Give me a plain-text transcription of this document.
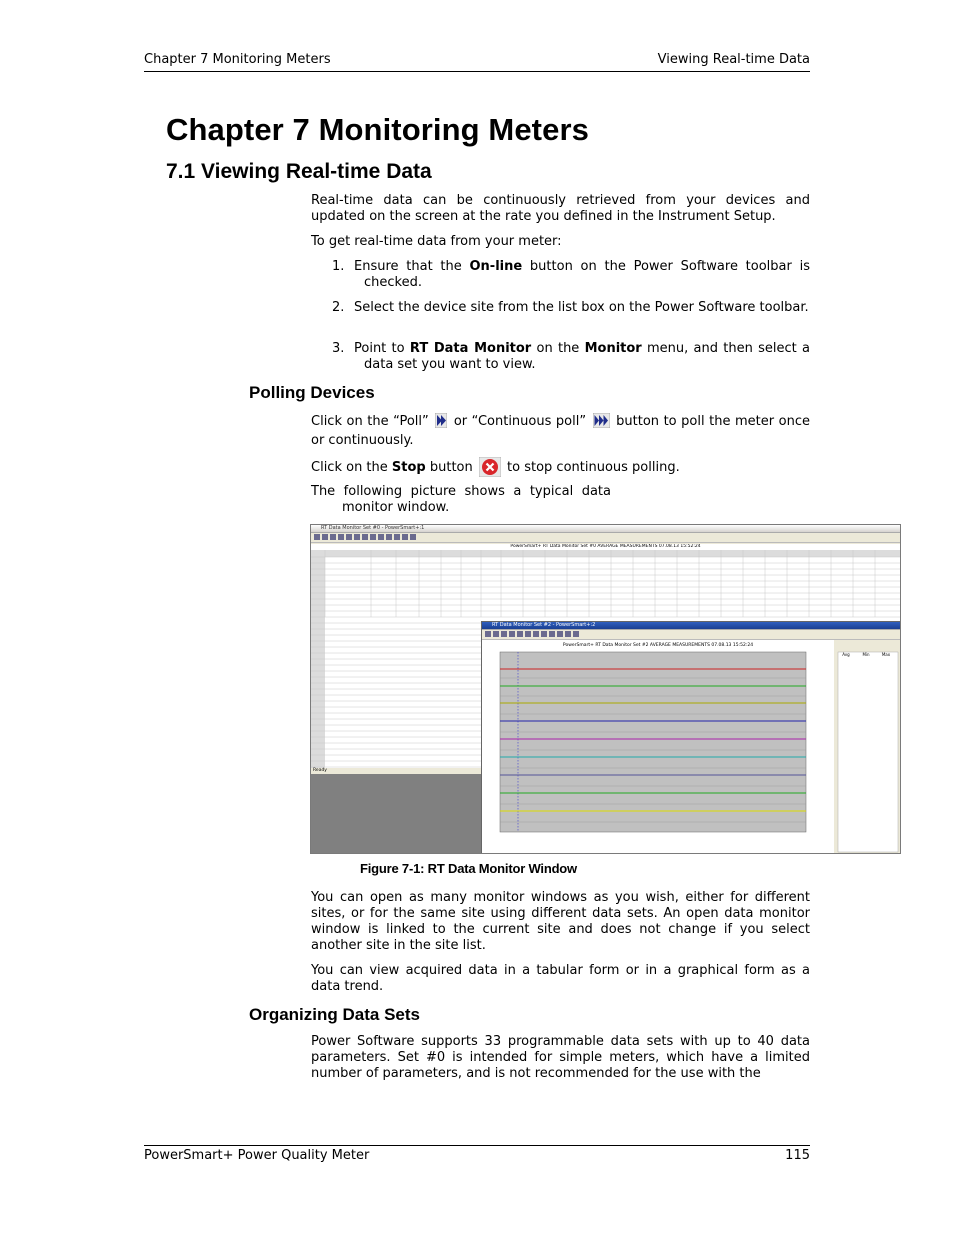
Chapter 7 Monitoring Meters	Viewing Real-time Data
Chapter 7 Monitoring Meters
7.1 Viewing Real-time Data
Real-time data can be continuously retrieved from your devices and updated on the screen at the rate you defined in the Instrument Setup.
To get real-time data from your meter:
1. Ensure that the On-line button on the Power Software toolbar is checked.
2. Select the device site from the list box on the Power Software toolbar.
3. Point to RT Data Monitor on the Monitor menu, and then select a data set you want to view.
Polling Devices
Click on the “Poll” or “Continuous poll” button to poll the meter once or continuously.
Click on the Stop button	to stop continuous polling.
The following picture shows a typical data monitor window.
RT Data Monitor Set #0 - PowerSmart+:1
PowerSmart+ RT Data Monitor Set #0 AVERAGE MEASUREMENTS 07.08.13 15:52:24
Ready
RT Data Monitor Set #2 - PowerSmart+:2
PowerSmart+ RT Data Monitor Set #2 AVERAGE MEASUREMENTS 07.08.13 15:52:24
Avg	Min	Max
Figure 7-1: RT Data Monitor Window
You can open as many monitor windows as you wish, either for different sites, or for the same site using different data sets. An open data monitor window is linked to the current site and does not change if you select another site in the site list.
You can view acquired data in a tabular form or in a graphical form as a data trend.
Organizing Data Sets
Power Software supports 33 programmable data sets with up to 40 data parameters. Set #0 is intended for simple meters, which have a limited number of parameters, and is not recommended for the use with the
PowerSmart+ Power Quality Meter	115
